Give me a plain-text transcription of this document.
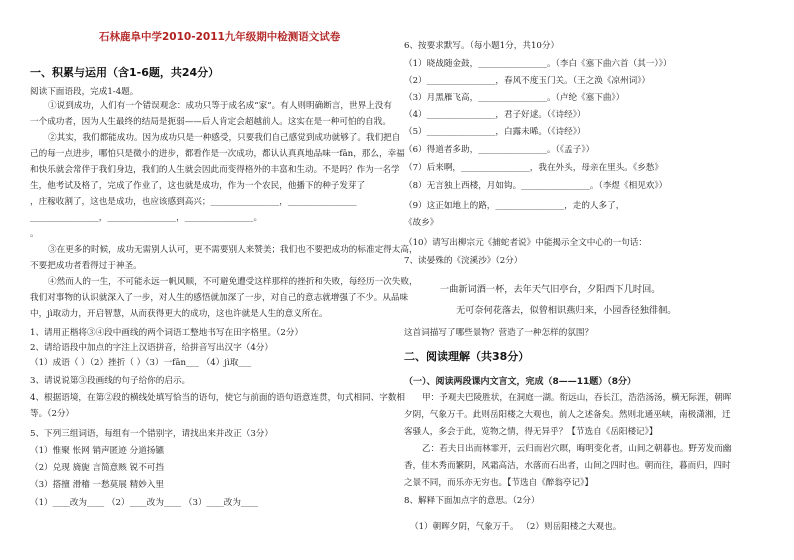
石林鹿阜中学2010-2011九年级期中检测语文试卷
一、积累与运用（含1-6题，共24分）
阅读下面语段，完成1-4题。
①说到成功，人们有一个错误观念：成功只等于成名成“家”。有人则明确断言，世界上没有
一个成功者，因为人生最终的结局是扼弱——后人肯定会超越前人。这实在是一种可怕的自戕。
②其实，我们都能成功。因为成功只是一种感受，只要我们自己感觉到成功就够了。我们把自
己的每一点进步，哪怕只是微小的进步，都看作是一次成功，都认认真真地品味一fān，那么，幸福
和快乐就会常伴于我们身边，我们的人生就会因此而变得格外的丰富和生动。不是吗？作为一名学
生，他考试及格了，完成了作业了，这也就是成功，作为一个农民，他播下的种子发芽了
，庄稼收割了，这也是成功，也应该感到高兴；________________，________________
________________，________________，________________。
。
③在更多的时候，成功无需别人认可，更不需要别人来赞美；我们也不要把成功的标准定得太高，
不要把成功者看得过于神圣。
④然而人的一生，不可能永远一帆风顺，不可避免遭受这样那样的挫折和失败，每经历一次失败，
我们对事物的认识就深入了一步，对人生的感悟就加深了一步，对自己的意志就增强了不少。从品味
中，jì取动力，开启智慧，从而获得更大的成功，这也许就是人生的意义所在。
1、请用正楷将③④段中画线的两个词语工整地书写在田字格里。（2分）
2、请给语段中加点的字注上汉语拼音，给拼音写出汉字（4分）
（1）成语（ ）（2）挫折（ ）（3）一fān___ （4）jì取___
3、请说说第③段画线的句子给你的启示。
4、根据语境，在第②段的横线处填写恰当的语句，使它与前面的语句语意连贯，句式相同、字数相
等。（2分）
5、下列三组词语，每组有一个错别字，请找出来并改正（3分）
（1）惟聚 怅网 销声匿迹 分道扬镳
（2）兑现 旖旎 言简意赅 锐不可挡
（3）搭擅 滑稽 一愁莫展 精妙入里
（1）____改为____ （2）____改为____ （3）____改为____
6、按要求默写。（每小题1分，共10分）
（1）晓战随金鼓，________________。（李白《塞下曲六首（其一）》）
（2）________________，春风不度玉门关。（王之涣《凉州词》）
（3）月黑雁飞高，________________。（卢纶《塞下曲》）
（4）________________，君子好逑。（《诗经》）
（5）________________，白露未晞。（《诗经》）
（6）得道者多助，________________。（《孟子》）
（7）后来啊，________________，我在外头，母亲在里头。《乡愁》
（8）无言独上西楼，月如钩。________________。（李煜《相见欢》）
（9）这正如地上的路，________________，走的人多了，
《故乡》
（10）请写出柳宗元《捕蛇者说》中能揭示全文中心的一句话：
7、读晏殊的《浣溪沙》（2分）
一曲新词酒一杯，去年天气旧亭台，夕阳西下几时回。
无可奈何花落去，似曾相识燕归来，小园香径独徘徊。
这首词描写了哪些景物？营造了一种怎样的氛围？
二、阅读理解（共38分）
（一）、阅读两段课内文言文，完成（8——11题）（8分）
甲：予观夫巴陵胜状，在洞庭一湖。衔远山，吞长江，浩浩汤汤，横无际涯，朝晖
夕阴，气象万千。此则岳阳楼之大观也，前人之述备矣。然则北通巫峡，南极潇湘，迁
客骚人，多会于此，览物之情，得无异乎？【节选自《岳阳楼记》】
乙：若夫日出而林霏开，云归而岩穴暝，晦明变化者，山间之朝暮也。野芳发而幽
香，佳木秀而繁阴，风霜高洁，水落而石出者，山间之四时也。朝而往，暮而归，四时
之景不同，而乐亦无穷也。【节选自《醉翁亭记》】
8、解释下面加点字的意思。（2分）
（1）朝晖夕阴，气象万千。 （2）则岳阳楼之大观也。
